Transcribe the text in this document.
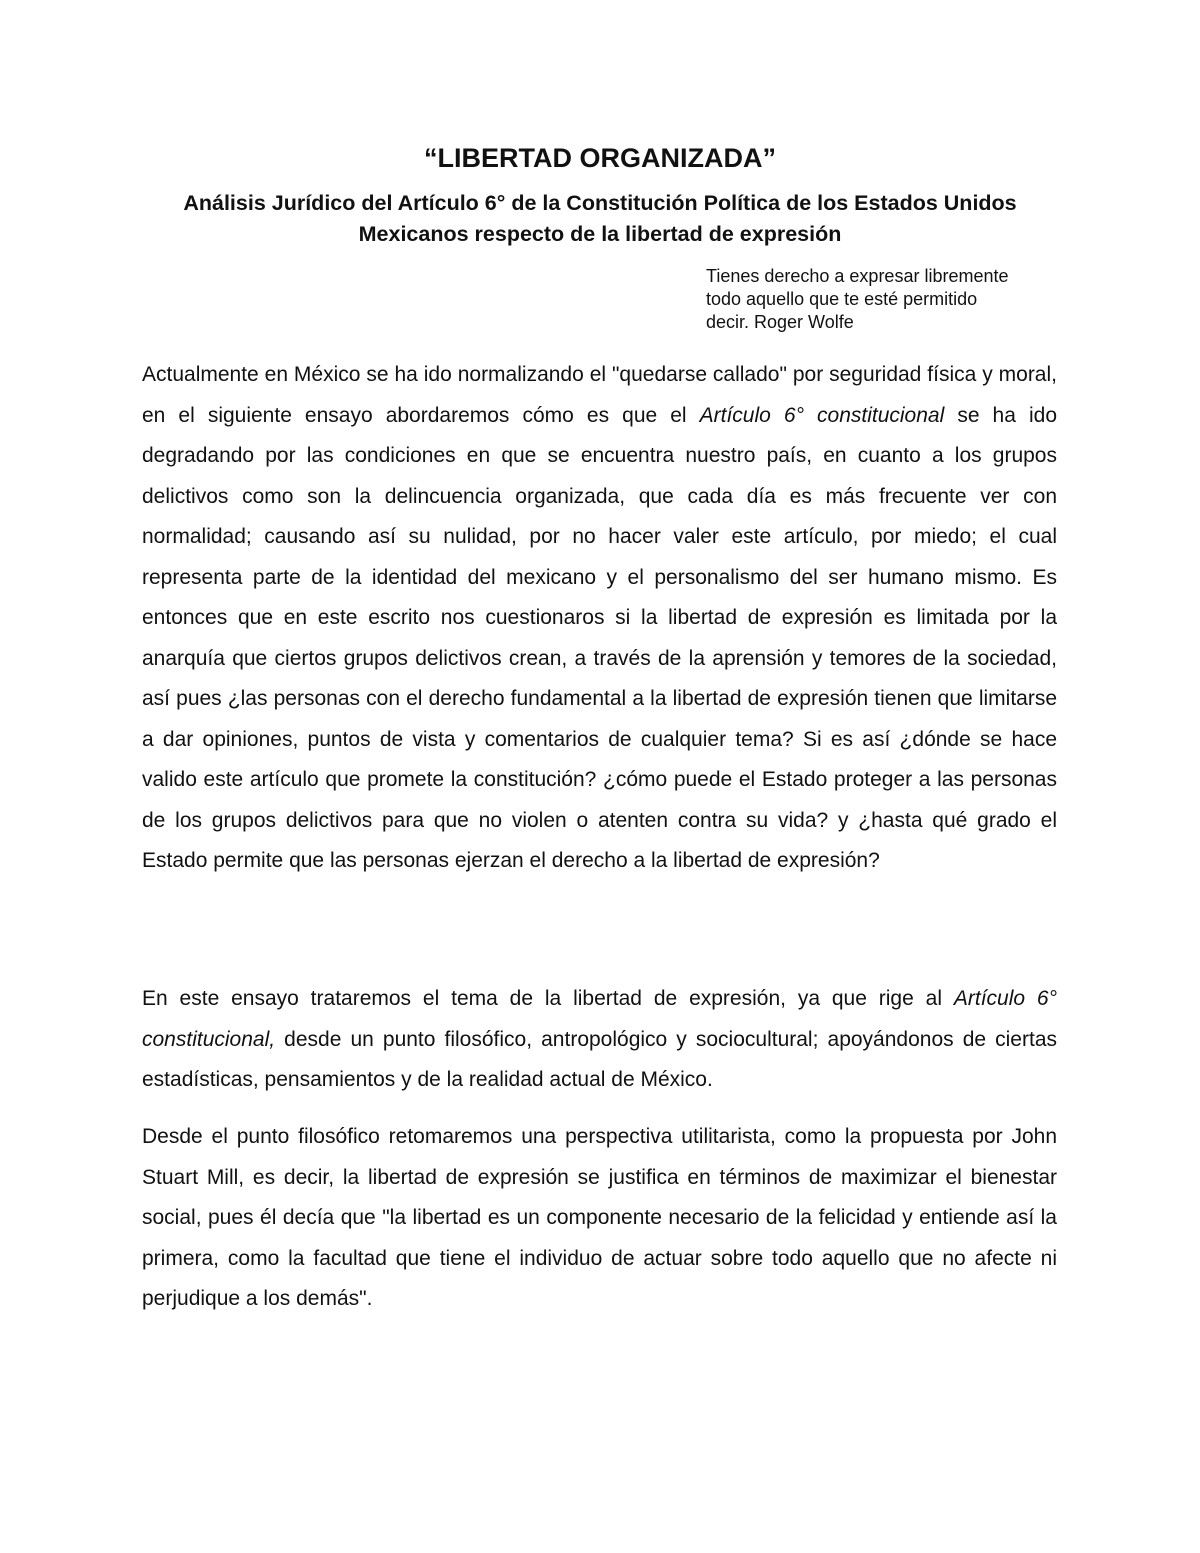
“LIBERTAD ORGANIZADA”
Análisis Jurídico del Artículo 6° de la Constitución Política de los Estados Unidos
Mexicanos respecto de la libertad de expresión
Tienes derecho a expresar libremente
todo aquello que te esté permitido
decir. Roger Wolfe

Actualmente en México se ha ido normalizando el "quedarse callado" por seguridad física y moral, en el siguiente ensayo abordaremos cómo es que el Artículo 6° constitucional se ha ido degradando por las condiciones en que se encuentra nuestro país, en cuanto a los grupos delictivos como son la delincuencia organizada, que cada día es más frecuente ver con normalidad; causando así su nulidad, por no hacer valer este artículo, por miedo; el cual representa parte de la identidad del mexicano y el personalismo del ser humano mismo. Es entonces que en este escrito nos cuestionaros si la libertad de expresión es limitada por la anarquía que ciertos grupos delictivos crean, a través de la aprensión y temores de la sociedad, así pues ¿las personas con el derecho fundamental a la libertad de expresión tienen que limitarse a dar opiniones, puntos de vista y comentarios de cualquier tema? Si es así ¿dónde se hace valido este artículo que promete la constitución? ¿cómo puede el Estado proteger a las personas de los grupos delictivos para que no violen o atenten contra su vida? y ¿hasta qué grado el Estado permite que las personas ejerzan el derecho a la libertad de expresión?

En este ensayo trataremos el tema de la libertad de expresión, ya que rige al Artículo 6° constitucional, desde un punto filosófico, antropológico y sociocultural; apoyándonos de ciertas estadísticas, pensamientos y de la realidad actual de México.

Desde el punto filosófico retomaremos una perspectiva utilitarista, como la propuesta por John Stuart Mill, es decir, la libertad de expresión se justifica en términos de maximizar el bienestar social, pues él decía que "la libertad es un componente necesario de la felicidad y entiende así la primera, como la facultad que tiene el individuo de actuar sobre todo aquello que no afecte ni perjudique a los demás".
